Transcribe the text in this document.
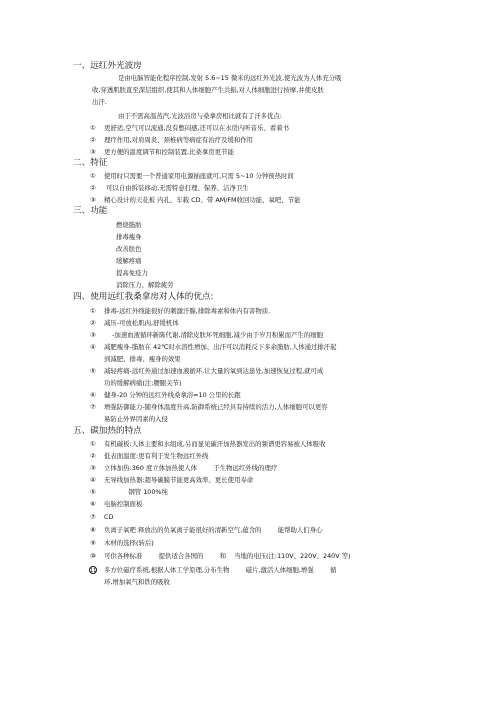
一、远红外光波房
是由电脑智能化程序控制,发射 5.6~15 微米的远红外光波,使光波为人体充分吸
收,穿透肌肤直至深层组织,使其和人体细胞产生共振,对人体细胞进行按摩,并使皮肤
出汗.
由于不需高温蒸汽,光波浴房与桑拿房相比就有了汗多优点:
① 更舒适,空气可以流通,没有憋闷感,还可以在水房内听音乐、看着书
② 理疗作用,对肩周炎、颈椎病等病症有治疗及缓和作用
③ 更方便的温度调节和控制装置,比桑拿房更节能
二、特征
① 使用时只需要一个普通家用电源插座就可,只需 5~10 分钟预热时间
② 可以自由拆装移动,无需特意打理、保养、洁净卫生
③ 精心设计的天花板 内孔、车载 CD、带 AM/FM收回功能、氧吧、节能
三、功能
燃烧脂肪
排毒瘦身
改善肤色
缓解疼痛
提高免疫力
消除压力、解除疲劳
四、使用远红我桑拿房对人体的优点:
① 排毒-远红外线能很好的刺激汗腺,排除毒素和体内有害物质.
② 减压-可放松肌肉,舒缓机体
③ -加速血液循环新陈代谢,清除皮肤坏死细胞,减少由于岁月积累而产生的细胞
④ 减肥瘦身-脂肪在 42℃时水溶性增加、出汗可以消耗反下多余脂肪,人体通过排汗起
到减肥、排毒、瘦身的效果
⑤ 减轻疼痛-远红外通过加速血液循环,让大量的氧到达患处,加速恢复过程,就可成
功的缓解病痛(注:腰腿关节)
⑥ 健身-20 分钟的远红外线桑拿浴=10 公里的长跑
⑦ 增强防御能力-随身体温度升高,防御系统已经具有持续的活力,人体细胞可以更容
易防止外界因素的入侵
五、碳加热的特点
① 有机碳板:人体主要和水组成,另而显见碳汗加热器发出的频谱更容易被人体吸收
② 低表面温度:更有利于发生物远红外线
③ 立体加热:360 度立体加热使人体        于生物远红外线的理疗
④ 无导线加热器:超导碳膜节能更高效率、更长使用寿命
⑤ 钢管 100%纯
⑥ 电脑控制面板
⑦ CD
⑧ 负离子氧吧 释放出的负氧离子能很好的清新空气,蕴含的        能帮助人们身心
⑨ 木材的选择(转后)
⑩ 可供各种标准        提供适合各国的        和    当地的电压(注:110V、220V、240V 等)
11 多方位磁疗系统,根据人体工学原理,分布生物        磁片,激活人体细胞,增强        循
环,增加氧气和铁的吸收
